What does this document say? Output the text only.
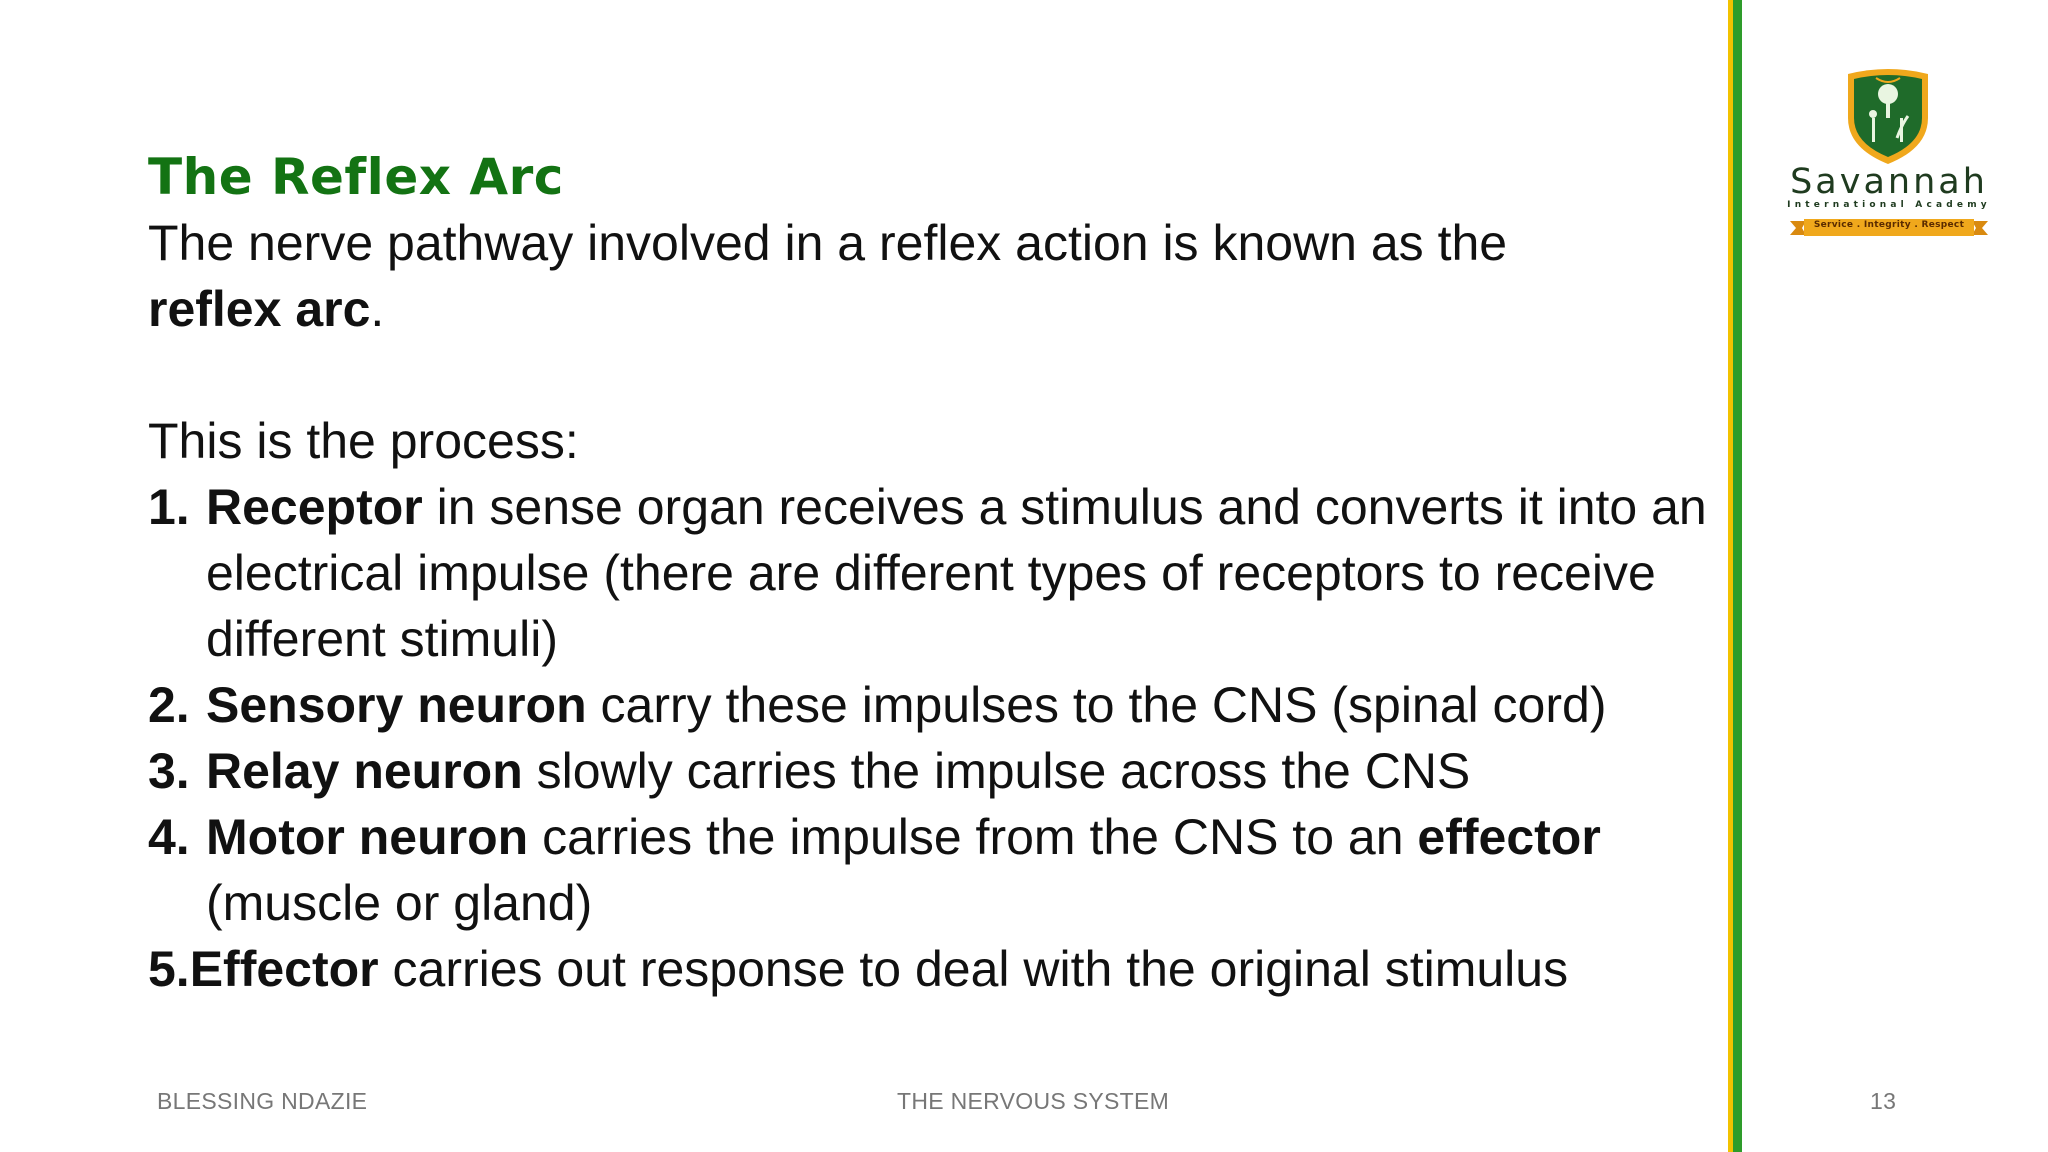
The Reflex Arc
The nerve pathway involved in a reflex action is known as the
reflex arc.
This is the process:
1. Receptor in sense organ receives a stimulus and converts it into an electrical impulse (there are different types of receptors to receive different stimuli)
2. Sensory neuron carry these impulses to the CNS (spinal cord)
3. Relay neuron slowly carries the impulse across the CNS
4. Motor neuron carries the impulse from the CNS to an effector (muscle or gland)
5. Effector carries out response to deal with the original stimulus
Savannah
International Academy
Service . Integrity . Respect
BLESSING NDAZIE	THE NERVOUS SYSTEM	13
